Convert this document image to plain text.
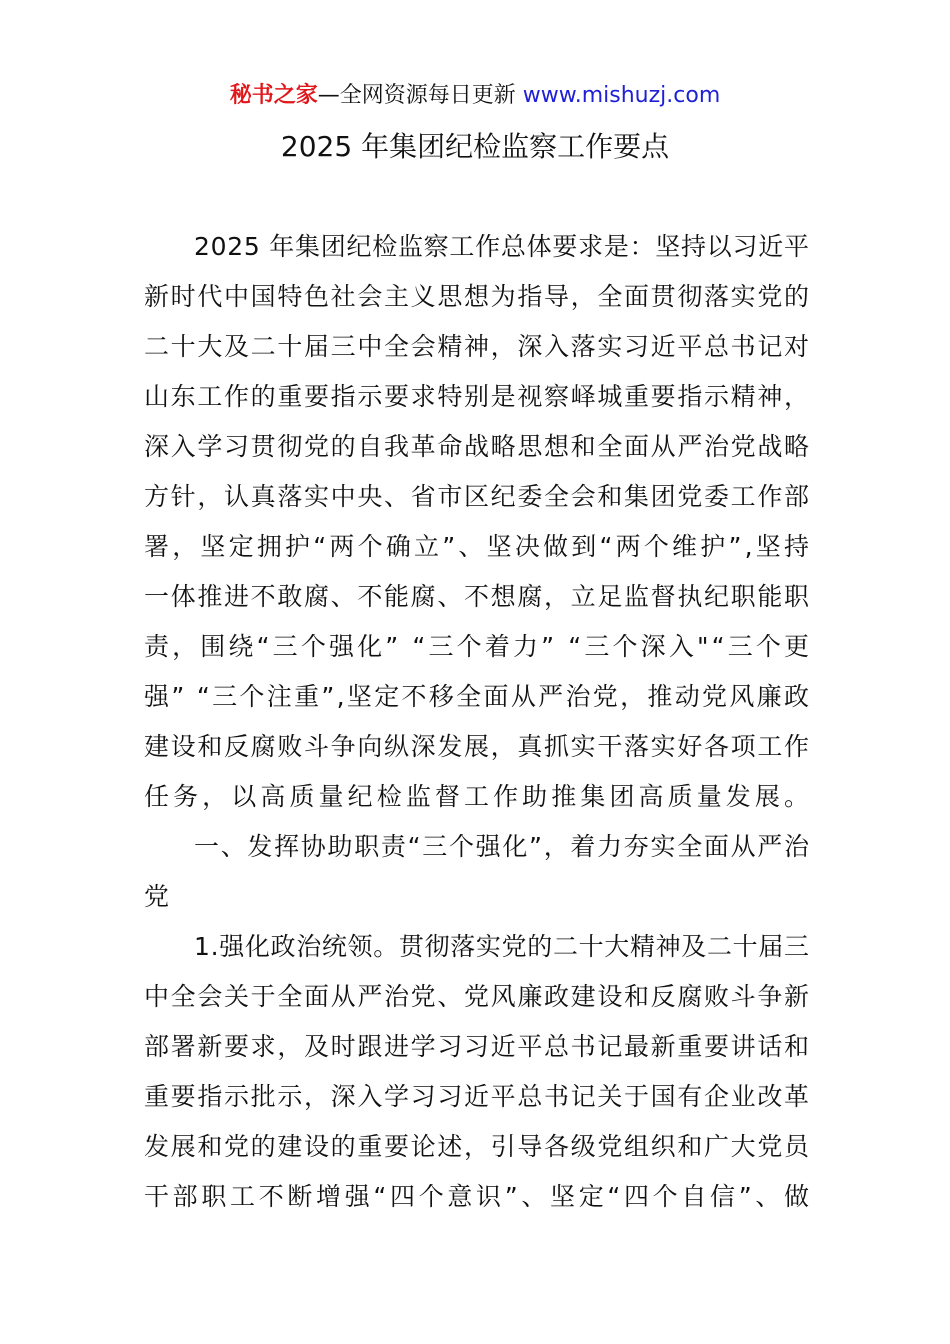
秘书之家—全网资源每日更新 www.mishuzj.com
2025 年集团纪检监察工作要点
2025 年集团纪检监察工作总体要求是：坚持以习近平
新时代中国特色社会主义思想为指导，全面贯彻落实党的
二十大及二十届三中全会精神，深入落实习近平总书记对
山东工作的重要指示要求特别是视察峄城重要指示精神，
深入学习贯彻党的自我革命战略思想和全面从严治党战略
方针，认真落实中央、省市区纪委全会和集团党委工作部
署，坚定拥护“两个确立”、坚决做到“两个维护”,坚持
一体推进不敢腐、不能腐、不想腐，立足监督执纪职能职
责，围绕“三个强化” “三个着力” “三个深入"“三个更
强” “三个注重”,坚定不移全面从严治党，推动党风廉政
建设和反腐败斗争向纵深发展，真抓实干落实好各项工作
任务，以高质量纪检监督工作助推集团高质量发展。
一、发挥协助职责“三个强化”，着力夯实全面从严治
党
1.强化政治统领。贯彻落实党的二十大精神及二十届三
中全会关于全面从严治党、党风廉政建设和反腐败斗争新
部署新要求，及时跟进学习习近平总书记最新重要讲话和
重要指示批示，深入学习习近平总书记关于国有企业改革
发展和党的建设的重要论述，引导各级党组织和广大党员
干部职工不断增强“四个意识”、坚定“四个自信”、做
